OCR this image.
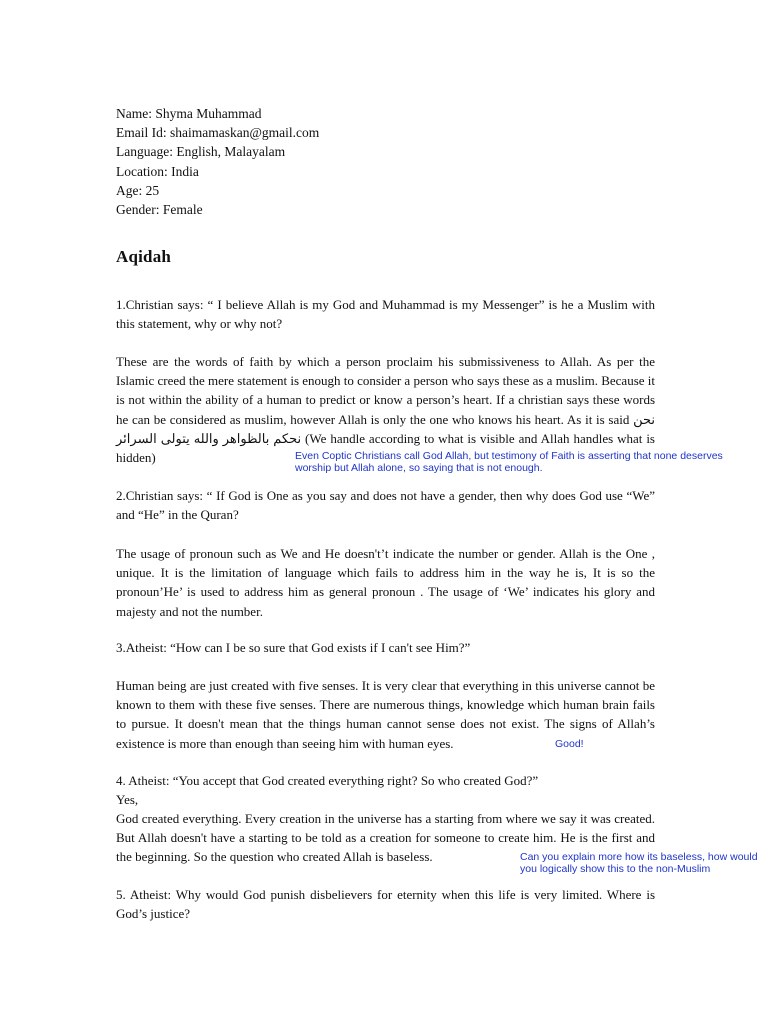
Name: Shyma Muhammad
Email Id: shaimamaskan@gmail.com
Language: English, Malayalam
Location: India
Age: 25
Gender: Female
Aqidah
1.Christian says: “ I believe Allah is my God and Muhammad is my Messenger” is he a Muslim with this statement, why or why not?
These are the words of faith by which a person proclaim his submissiveness to Allah. As per the Islamic creed the mere statement is enough to consider a person who says these as a muslim. Because it is not within the ability of a human to predict or know a person’s heart. If a christian says these words he can be considered as muslim, however Allah is only the one who knows his heart. As it is said نحن نحكم بالظواهر والله يتولى السرائر (We handle according to what is visible and Allah handles what is hidden)	Even Coptic Christians call God Allah, but testimony of Faith is asserting that none deserves worship but Allah alone, so saying that is not enough.
2.Christian says: “ If God is One as you say and does not have a gender, then why does God use “We” and “He” in the Quran?
The usage of pronoun such as We and He doesn't’t indicate the number or gender. Allah is the One , unique. It is the limitation of language which fails to address him in the way he is, It is so the pronoun’He’ is used to address him as general pronoun . The usage of ‘We’ indicates his glory and majesty and not the number.
3.Atheist: “How can I be so sure that God exists if I can't see Him?”
Human being are just created with five senses. It is very clear that everything in this universe cannot be known to them with these five senses. There are numerous things, knowledge which human brain fails to pursue. It doesn't mean that the things human cannot sense does not exist. The signs of Allah’s existence is more than enough than seeing him with human eyes.	Good!
4. Atheist: “You accept that God created everything right? So who created God?”
Yes,
God created everything. Every creation in the universe has a starting from where we say it was created. But Allah doesn't have a starting to be told as a creation for someone to create him. He is the first and the beginning. So the question who created Allah is baseless.	Can you explain more how its baseless, how would you logically show this to the non-Muslim
5. Atheist: Why would God punish disbelievers for eternity when this life is very limited. Where is God’s justice?
